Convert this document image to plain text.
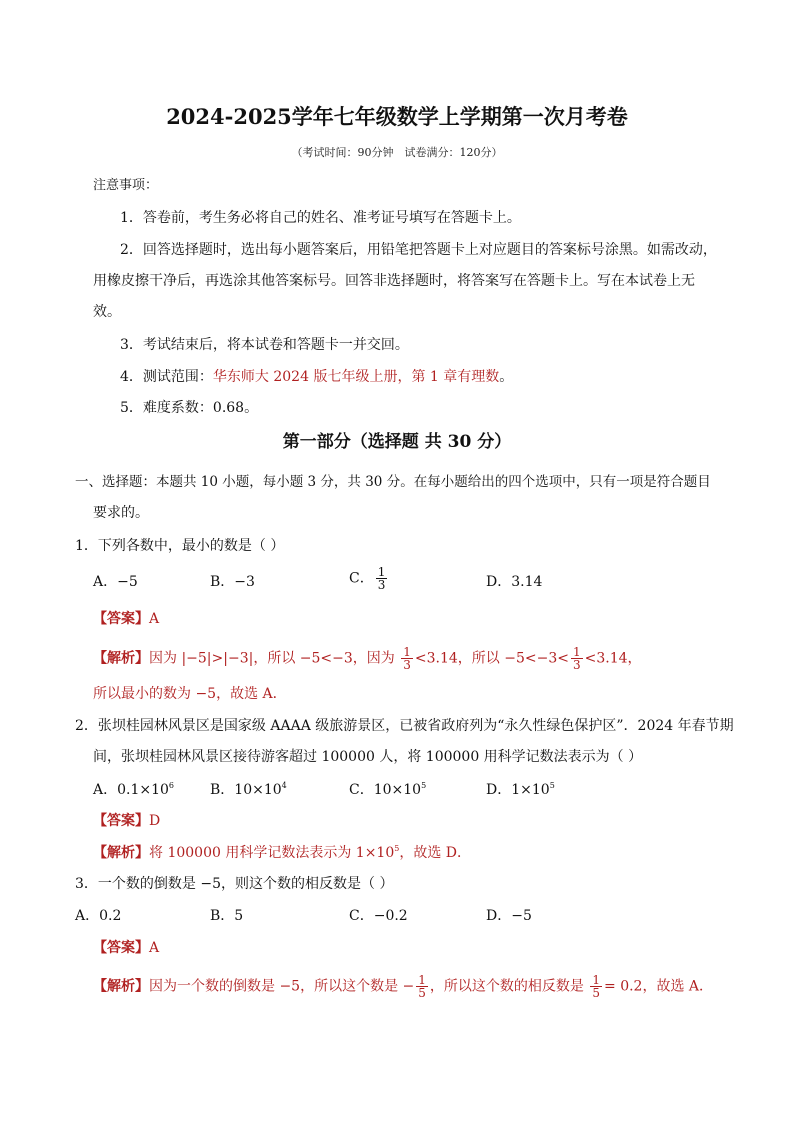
2024-2025学年七年级数学上学期第一次月考卷
（考试时间：90分钟　试卷满分：120分）
注意事项：
1．答卷前，考生务必将自己的姓名、准考证号填写在答题卡上。
2．回答选择题时，选出每小题答案后，用铅笔把答题卡上对应题目的答案标号涂黑。如需改动，
用橡皮擦干净后，再选涂其他答案标号。回答非选择题时，将答案写在答题卡上。写在本试卷上无
效。
3．考试结束后，将本试卷和答题卡一并交回。
4．测试范围：华东师大 2024 版七年级上册，第 1 章有理数。
5．难度系数：0.68。
第一部分（选择题 共 30 分）
一、选择题：本题共 10 小题，每小题 3 分，共 30 分。在每小题给出的四个选项中，只有一项是符合题目
要求的。
1．下列各数中，最小的数是（ ）
A．−5	B．−3	C． $\frac{1}{3}$	D．3.14
【答案】A
【解析】因为 |−5|>|−3|，所以 −5<−3，因为 $\frac{1}{3} <3.14$，所以 $-5<-3< \frac{1}{3} <3.14$，
所以最小的数为 −5，故选 A．
2．张坝桂园林风景区是国家级 AAAA 级旅游景区，已被省政府列为“永久性绿色保护区”．2024 年春节期
间，张坝桂园林风景区接待游客超过 100000 人，将 100000 用科学记数法表示为（ ）
A．$0.1\times 10^6$	B．$10\times 10^4$	C．$10\times 10^5$	D．$1\times 10^5$
【答案】D
【解析】将 100000 用科学记数法表示为 $1\times 10^5$，故选 D．
3．一个数的倒数是 −5，则这个数的相反数是（ ）
A．0.2	B．5	C．−0.2	D．−5
【答案】A
【解析】因为一个数的倒数是 −5，所以这个数是 − $\frac{1}{5}$ ，所以这个数的相反数是 $\frac{1}{5} = 0.2$，故选 A．
